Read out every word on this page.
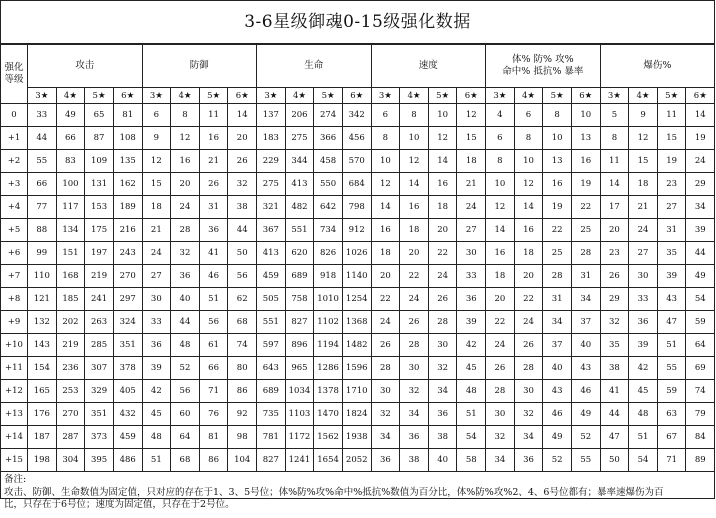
3-6星级御魂0-15级强化数据
强化
等级	攻击				防御				生命				速度				体% 防% 攻%
命中% 抵抗% 暴率				爆伤%			

	3★	4★	5★	6★	3★	4★	5★	6★	3★	4★	5★	6★	3★	4★	5★	6★	3★	4★	5★	6★	3★	4★	5★	6★
0	33	49	65	81	6	8	11	14	137	206	274	342	6	8	10	12	4	6	8	10	5	9	11	14
+1	44	66	87	108	9	12	16	20	183	275	366	456	8	10	12	15	6	8	10	13	8	12	15	19
+2	55	83	109	135	12	16	21	26	229	344	458	570	10	12	14	18	8	10	13	16	11	15	19	24
+3	66	100	131	162	15	20	26	32	275	413	550	684	12	14	16	21	10	12	16	19	14	18	23	29
+4	77	117	153	189	18	24	31	38	321	482	642	798	14	16	18	24	12	14	19	22	17	21	27	34
+5	88	134	175	216	21	28	36	44	367	551	734	912	16	18	20	27	14	16	22	25	20	24	31	39
+6	99	151	197	243	24	32	41	50	413	620	826	1026	18	20	22	30	16	18	25	28	23	27	35	44
+7	110	168	219	270	27	36	46	56	459	689	918	1140	20	22	24	33	18	20	28	31	26	30	39	49
+8	121	185	241	297	30	40	51	62	505	758	1010	1254	22	24	26	36	20	22	31	34	29	33	43	54
+9	132	202	263	324	33	44	56	68	551	827	1102	1368	24	26	28	39	22	24	34	37	32	36	47	59
+10	143	219	285	351	36	48	61	74	597	896	1194	1482	26	28	30	42	24	26	37	40	35	39	51	64
+11	154	236	307	378	39	52	66	80	643	965	1286	1596	28	30	32	45	26	28	40	43	38	42	55	69
+12	165	253	329	405	42	56	71	86	689	1034	1378	1710	30	32	34	48	28	30	43	46	41	45	59	74
+13	176	270	351	432	45	60	76	92	735	1103	1470	1824	32	34	36	51	30	32	46	49	44	48	63	79
+14	187	287	373	459	48	64	81	98	781	1172	1562	1938	34	36	38	54	32	34	49	52	47	51	67	84
+15	198	304	395	486	51	68	86	104	827	1241	1654	2052	36	38	40	58	34	36	52	55	50	54	71	89
备注:
攻击、防御、生命数值为固定值，只对应的存在于1、3、5号位；体%防%攻%命中%抵抗%数值为百分比，体%防%攻%2、4、6号位都有；暴率速爆伤为百
比，只存在于6号位；速度为固定值，只存在于2号位。
